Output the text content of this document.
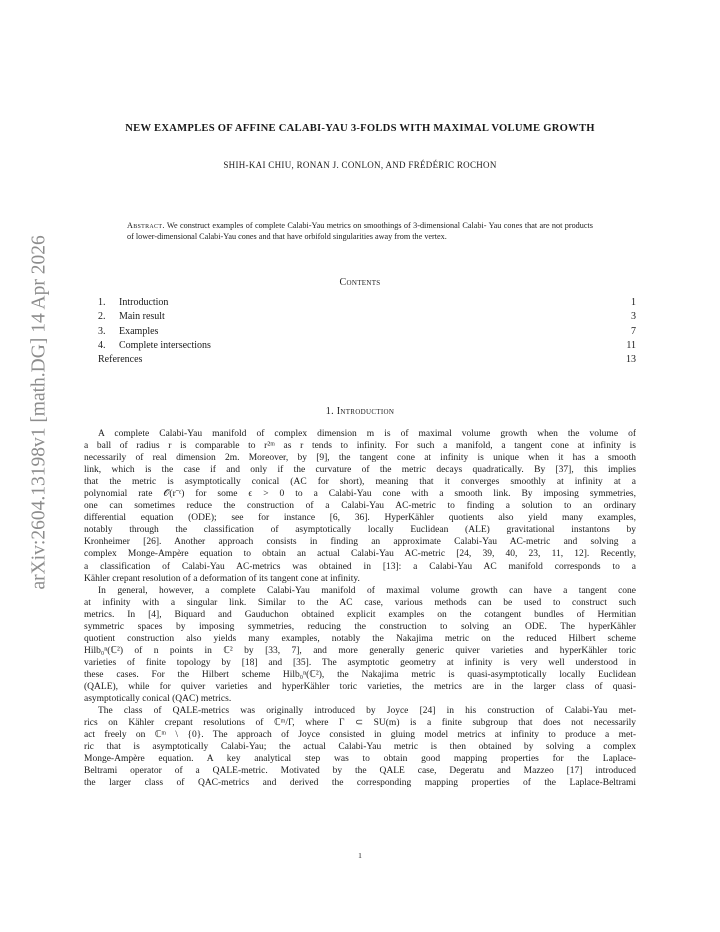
arXiv:2604.13198v1 [math.DG] 14 Apr 2026
NEW EXAMPLES OF AFFINE CALABI-YAU 3-FOLDS WITH MAXIMAL VOLUME GROWTH
SHIH-KAI CHIU, RONAN J. CONLON, AND FRÉDÉRIC ROCHON
Abstract. We construct examples of complete Calabi-Yau metrics on smoothings of 3-dimensional Calabi- Yau cones that are not products of lower-dimensional Calabi-Yau cones and that have orbifold singularities away from the vertex.
Contents
1.	Introduction	1
2.	Main result	3
3.	Examples	7
4.	Complete intersections	11
References	13
1. Introduction
A complete Calabi-Yau manifold of complex dimension m is of maximal volume growth when the volume of
a ball of radius r is comparable to r²ᵐ as r tends to infinity. For such a manifold, a tangent cone at infinity is
necessarily of real dimension 2m. Moreover, by [9], the tangent cone at infinity is unique when it has a smooth
link, which is the case if and only if the curvature of the metric decays quadratically. By [37], this implies
that the metric is asymptotically conical (AC for short), meaning that it converges smoothly at infinity at a
polynomial rate 𝒪(r⁻ᵋ) for some ϵ > 0 to a Calabi-Yau cone with a smooth link. By imposing symmetries,
one can sometimes reduce the construction of a Calabi-Yau AC-metric to finding a solution to an ordinary
differential equation (ODE); see for instance [6, 36]. HyperKähler quotients also yield many examples,
notably through the classification of asymptotically locally Euclidean (ALE) gravitational instantons by
Kronheimer [26]. Another approach consists in finding an approximate Calabi-Yau AC-metric and solving a
complex Monge-Ampère equation to obtain an actual Calabi-Yau AC-metric [24, 39, 40, 23, 11, 12]. Recently,
a classification of Calabi-Yau AC-metrics was obtained in [13]: a Calabi-Yau AC manifold corresponds to a
Kähler crepant resolution of a deformation of its tangent cone at infinity.
In general, however, a complete Calabi-Yau manifold of maximal volume growth can have a tangent cone
at infinity with a singular link. Similar to the AC case, various methods can be used to construct such
metrics. In [4], Biquard and Gauduchon obtained explicit examples on the cotangent bundles of Hermitian
symmetric spaces by imposing symmetries, reducing the construction to solving an ODE. The hyperKähler
quotient construction also yields many examples, notably the Nakajima metric on the reduced Hilbert scheme
Hilb₀ⁿ(ℂ²) of n points in ℂ² by [33, 7], and more generally generic quiver varieties and hyperKähler toric
varieties of finite topology by [18] and [35]. The asymptotic geometry at infinity is very well understood in
these cases. For the Hilbert scheme Hilb₀ⁿ(ℂ²), the Nakajima metric is quasi-asymptotically locally Euclidean
(QALE), while for quiver varieties and hyperKähler toric varieties, the metrics are in the larger class of quasi-
asymptotically conical (QAC) metrics.
The class of QALE-metrics was originally introduced by Joyce [24] in his construction of Calabi-Yau met-
rics on Kähler crepant resolutions of ℂᵐ/Γ, where Γ ⊂ SU(m) is a finite subgroup that does not necessarily
act freely on ℂᵐ \ {0}. The approach of Joyce consisted in gluing model metrics at infinity to produce a met-
ric that is asymptotically Calabi-Yau; the actual Calabi-Yau metric is then obtained by solving a complex
Monge-Ampère equation. A key analytical step was to obtain good mapping properties for the Laplace-
Beltrami operator of a QALE-metric. Motivated by the QALE case, Degeratu and Mazzeo [17] introduced
the larger class of QAC-metrics and derived the corresponding mapping properties of the Laplace-Beltrami
1
